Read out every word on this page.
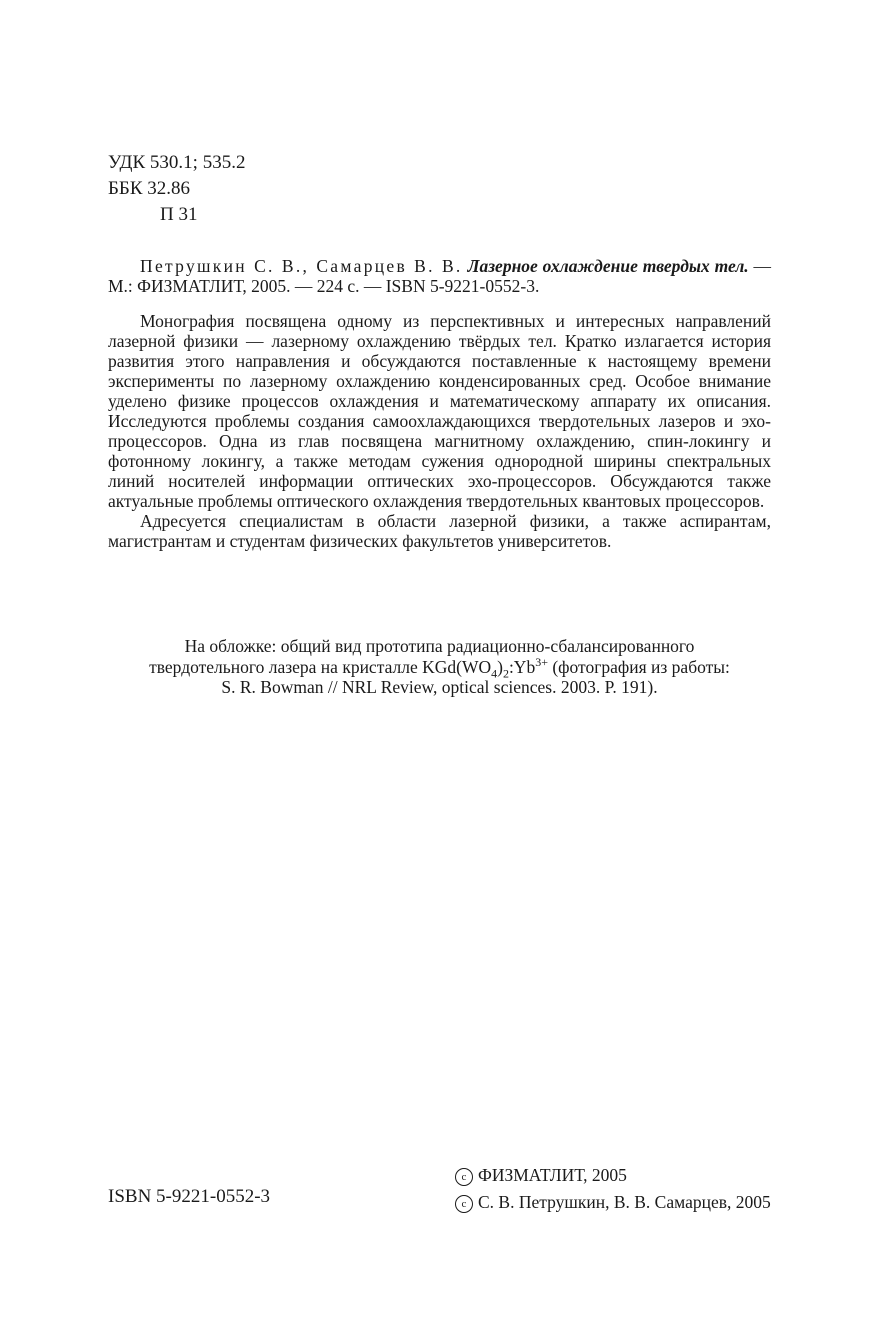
УДК 530.1; 535.2
ББК 32.86
П 31
Петрушкин С. В., Самарцев В. В. Лазерное охлаждение твердых тел. — М.: ФИЗМАТЛИТ, 2005. — 224 с. — ISBN 5-9221-0552-3.
Монография посвящена одному из перспективных и интересных направлений лазерной физики — лазерному охлаждению твёрдых тел. Кратко излагается история развития этого направления и обсуждаются поставленные к настоящему времени эксперименты по лазерному охлаждению конденсированных сред. Особое внимание уделено физике процессов охлаждения и математическому аппарату их описания. Исследуются проблемы создания самоохлаждающихся твердотельных лазеров и эхо-процессоров. Одна из глав посвящена магнитному охлаждению, спин-локингу и фотонному локингу, а также методам сужения однородной ширины спектральных линий носителей информации оптических эхо-процессоров. Обсуждаются также актуальные проблемы оптического охлаждения твердотельных квантовых процессоров.
Адресуется специалистам в области лазерной физики, а также аспирантам, магистрантам и студентам физических факультетов университетов.
На обложке: общий вид прототипа радиационно-сбалансированного
твердотельного лазера на кристалле $KGd(WO_4)_2:Yb^{3+}$ (фотография из работы:
S. R. Bowman // NRL Review, optical sciences. 2003. P. 191).
ISBN 5-9221-0552-3
c ФИЗМАТЛИТ, 2005
c С. В. Петрушкин, В. В. Самарцев, 2005
